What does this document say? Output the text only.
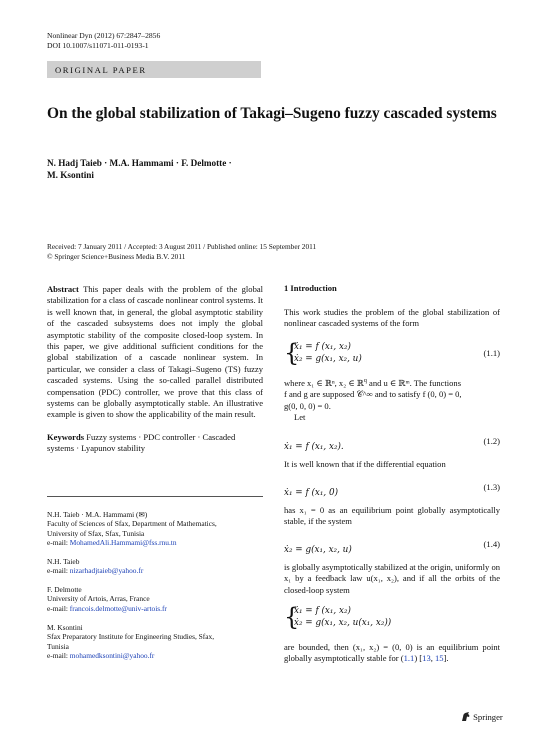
Nonlinear Dyn (2012) 67:2847–2856
DOI 10.1007/s11071-011-0193-1
ORIGINAL PAPER
On the global stabilization of Takagi–Sugeno fuzzy cascaded systems
N. Hadj Taieb · M.A. Hammami · F. Delmotte ·
M. Ksontini
Received: 7 January 2011 / Accepted: 3 August 2011 / Published online: 15 September 2011
© Springer Science+Business Media B.V. 2011

Abstract This paper deals with the problem of the global stabilization for a class of cascade nonlinear control systems. It is well known that, in general, the global asymptotic stability of the cascaded subsystems does not imply the global asymptotic stability of the composite closed-loop system. In this paper, we give additional sufficient conditions for the global stabilization of a cascade nonlinear system. In particular, we consider a class of Takagi–Sugeno (TS) fuzzy cascaded systems. Using the so-called parallel distributed compensation (PDC) controller, we prove that this class of systems can be globally asymptotically stable. An illustrative example is given to show the applicability of the main result.

Keywords Fuzzy systems · PDC controller · Cascaded systems · Lyapunov stability

N.H. Taieb · M.A. Hammami (✉)
Faculty of Sciences of Sfax, Department of Mathematics,
University of Sfax, Sfax, Tunisia
e-mail: MohamedAli.Hammami@fss.rnu.tn
N.H. Taieb
e-mail: nizarhadjtaieb@yahoo.fr
F. Delmotte
University of Artois, Arras, France
e-mail: francois.delmotte@univ-artois.fr
M. Ksontini
Sfax Preparatory Institute for Engineering Studies, Sfax,
Tunisia
e-mail: mohamedksontini@yahoo.fr
1 Introduction
This work studies the problem of the global stabilization of nonlinear cascaded systems of the form
{
ẋ₁ = f (x₁, x₂)
ẋ₂ = g(x₁, x₂, u)
(1.1)
where x₁ ∈ ℝⁿ, x₂ ∈ ℝ$^q$ and u ∈ ℝᵐ. The functions
f and g are supposed 𝒞^∞ and to satisfy f (0, 0) = 0,
g(0, 0, 0) = 0.
Let
ẋ₁ = f (x₁, x₂).
(1.2)
It is well known that if the differential equation
ẋ₁ = f (x₁, 0)
(1.3)
has x₁ = 0 as an equilibrium point globally asymptotically stable, if the system
ẋ₂ = g(x₁, x₂, u)
(1.4)
is globally asymptotically stabilized at the origin, uniformly on x₁ by a feedback law u(x₁, x₂), and if all the orbits of the closed-loop system
{
ẋ₁ = f (x₁, x₂)
ẋ₂ = g(x₁, x₂, u(x₁, x₂))
are bounded, then (x₁, x₂) = (0, 0) is an equilibrium point globally asymptotically stable for (1.1) [13, 15].
Springer
